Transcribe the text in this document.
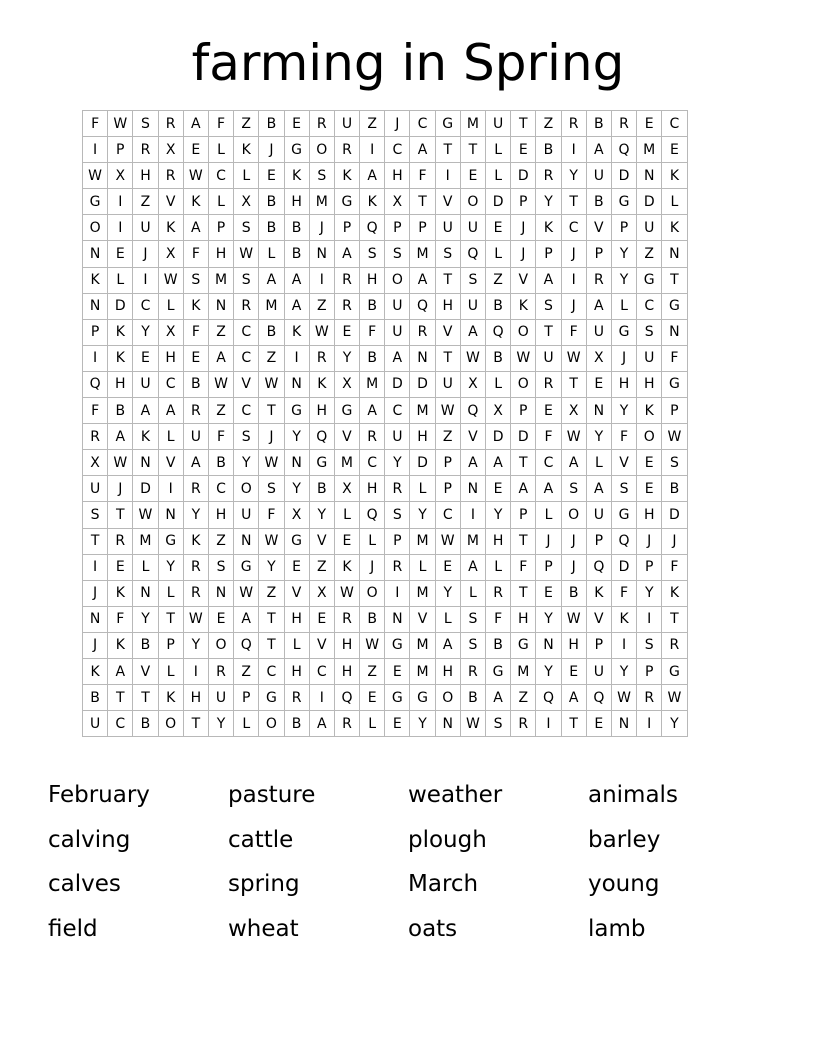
farming in Spring
F	W	S	R	A	F	Z	B	E	R	U	Z	J	C	G	M	U	T	Z	R	B	R	E	C
I	P	R	X	E	L	K	J	G	O	R	I	C	A	T	T	L	E	B	I	A	Q	M	E
W	X	H	R	W	C	L	E	K	S	K	A	H	F	I	E	L	D	R	Y	U	D	N	K
G	I	Z	V	K	L	X	B	H	M	G	K	X	T	V	O	D	P	Y	T	B	G	D	L
O	I	U	K	A	P	S	B	B	J	P	Q	P	P	U	U	E	J	K	C	V	P	U	K
N	E	J	X	F	H	W	L	B	N	A	S	S	M	S	Q	L	J	P	J	P	Y	Z	N
K	L	I	W	S	M	S	A	A	I	R	H	O	A	T	S	Z	V	A	I	R	Y	G	T
N	D	C	L	K	N	R	M	A	Z	R	B	U	Q	H	U	B	K	S	J	A	L	C	G
P	K	Y	X	F	Z	C	B	K	W	E	F	U	R	V	A	Q	O	T	F	U	G	S	N
I	K	E	H	E	A	C	Z	I	R	Y	B	A	N	T	W	B	W	U	W	X	J	U	F
Q	H	U	C	B	W	V	W	N	K	X	M	D	D	U	X	L	O	R	T	E	H	H	G
F	B	A	A	R	Z	C	T	G	H	G	A	C	M	W	Q	X	P	E	X	N	Y	K	P
R	A	K	L	U	F	S	J	Y	Q	V	R	U	H	Z	V	D	D	F	W	Y	F	O	W
X	W	N	V	A	B	Y	W	N	G	M	C	Y	D	P	A	A	T	C	A	L	V	E	S
U	J	D	I	R	C	O	S	Y	B	X	H	R	L	P	N	E	A	A	S	A	S	E	B
S	T	W	N	Y	H	U	F	X	Y	L	Q	S	Y	C	I	Y	P	L	O	U	G	H	D
T	R	M	G	K	Z	N	W	G	V	E	L	P	M	W	M	H	T	J	J	P	Q	J	J
I	E	L	Y	R	S	G	Y	E	Z	K	J	R	L	E	A	L	F	P	J	Q	D	P	F
J	K	N	L	R	N	W	Z	V	X	W	O	I	M	Y	L	R	T	E	B	K	F	Y	K
N	F	Y	T	W	E	A	T	H	E	R	B	N	V	L	S	F	H	Y	W	V	K	I	T
J	K	B	P	Y	O	Q	T	L	V	H	W	G	M	A	S	B	G	N	H	P	I	S	R
K	A	V	L	I	R	Z	C	H	C	H	Z	E	M	H	R	G	M	Y	E	U	Y	P	G
B	T	T	K	H	U	P	G	R	I	Q	E	G	G	O	B	A	Z	Q	A	Q	W	R	W
U	C	B	O	T	Y	L	O	B	A	R	L	E	Y	N	W	S	R	I	T	E	N	I	Y
February	pasture	weather	animals
calving	cattle	plough	barley
calves	spring	March	young
field	wheat	oats	lamb
